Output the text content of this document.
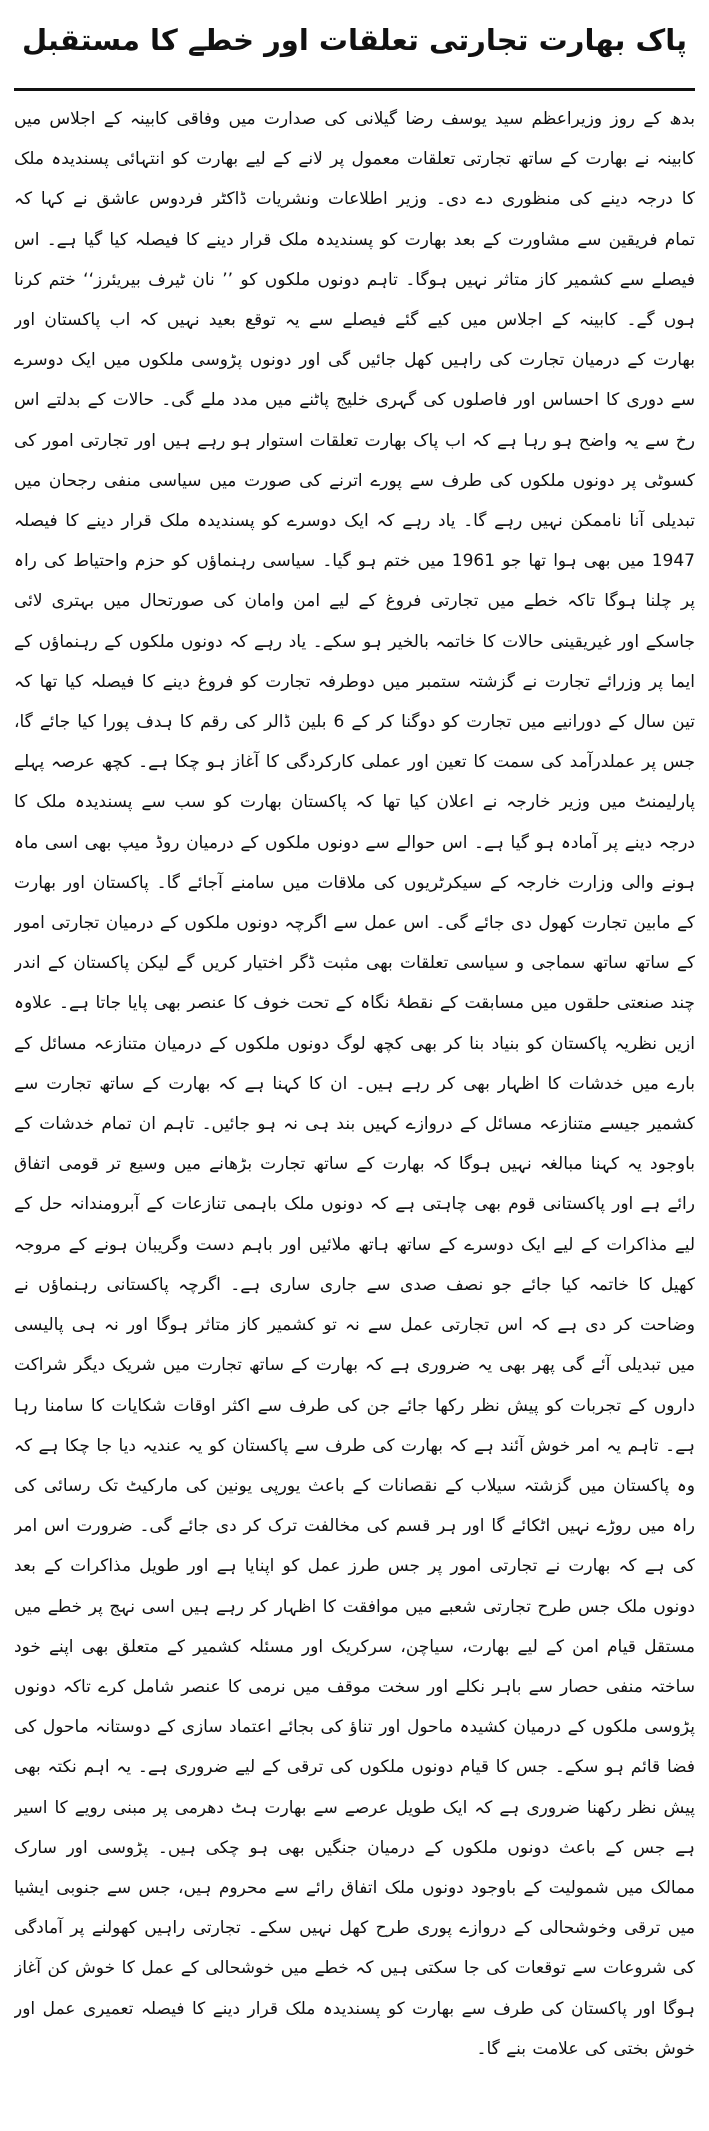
پاک بھارت تجارتی تعلقات اور خطے کا مستقبل

بدھ کے روز وزیراعظم سید یوسف رضا گیلانی کی صدارت میں وفاقی کابینہ کے اجلاس میں کابینہ نے بھارت کے ساتھ تجارتی تعلقات معمول پر لانے کے لیے بھارت کو انتہائی پسندیدہ ملک کا درجہ دینے کی منظوری دے دی۔ وزیر اطلاعات ونشریات ڈاکٹر فردوس عاشق نے کہا کہ تمام فریقین سے مشاورت کے بعد بھارت کو پسندیدہ ملک قرار دینے کا فیصلہ کیا گیا ہے۔ اس فیصلے سے کشمیر کاز متاثر نہیں ہوگا۔ تاہم دونوں ملکوں کو ’’ نان ٹیرف بیریئرز‘‘ ختم کرنا ہوں گے۔ کابینہ کے اجلاس میں کیے گئے فیصلے سے یہ توقع بعید نہیں کہ اب پاکستان اور بھارت کے درمیان تجارت کی راہیں کھل جائیں گی اور دونوں پڑوسی ملکوں میں ایک دوسرے سے دوری کا احساس اور فاصلوں کی گہری خلیج پاٹنے میں مدد ملے گی۔ حالات کے بدلتے اس رخ سے یہ واضح ہو رہا ہے کہ اب پاک بھارت تعلقات استوار ہو رہے ہیں اور تجارتی امور کی کسوٹی پر دونوں ملکوں کی طرف سے پورے اترنے کی صورت میں سیاسی منفی رجحان میں تبدیلی آنا ناممکن نہیں رہے گا۔ یاد رہے کہ ایک دوسرے کو پسندیدہ ملک قرار دینے کا فیصلہ 1947 میں بھی ہوا تھا جو 1961 میں ختم ہو گیا۔ سیاسی رہنماؤں کو حزم واحتیاط کی راہ پر چلنا ہوگا تاکہ خطے میں تجارتی فروغ کے لیے امن وامان کی صورتحال میں بہتری لائی جاسکے اور غیریقینی حالات کا خاتمہ بالخیر ہو سکے۔ یاد رہے کہ دونوں ملکوں کے رہنماؤں کے ایما پر وزرائے تجارت نے گزشتہ ستمبر میں دوطرفہ تجارت کو فروغ دینے کا فیصلہ کیا تھا کہ تین سال کے دورانیے میں تجارت کو دوگنا کر کے 6 بلین ڈالر کی رقم کا ہدف پورا کیا جائے گا، جس پر عملدرآمد کی سمت کا تعین اور عملی کارکردگی کا آغاز ہو چکا ہے۔ کچھ عرصہ پہلے پارلیمنٹ میں وزیر خارجہ نے اعلان کیا تھا کہ پاکستان بھارت کو سب سے پسندیدہ ملک کا درجہ دینے پر آمادہ ہو گیا ہے۔ اس حوالے سے دونوں ملکوں کے درمیان روڈ میپ بھی اسی ماہ ہونے والی وزارت خارجہ کے سیکرٹریوں کی ملاقات میں سامنے آجائے گا۔ پاکستان اور بھارت کے مابین تجارت کھول دی جائے گی۔ اس عمل سے اگرچہ دونوں ملکوں کے درمیان تجارتی امور کے ساتھ ساتھ سماجی و سیاسی تعلقات بھی مثبت ڈگر اختیار کریں گے لیکن پاکستان کے اندر چند صنعتی حلقوں میں مسابقت کے نقطۂ نگاہ کے تحت خوف کا عنصر بھی پایا جاتا ہے۔ علاوہ ازیں نظریہ پاکستان کو بنیاد بنا کر بھی کچھ لوگ دونوں ملکوں کے درمیان متنازعہ مسائل کے بارے میں خدشات کا اظہار بھی کر رہے ہیں۔ ان کا کہنا ہے کہ بھارت کے ساتھ تجارت سے کشمیر جیسے متنازعہ مسائل کے دروازے کہیں بند ہی نہ ہو جائیں۔ تاہم ان تمام خدشات کے باوجود یہ کہنا مبالغہ نہیں ہوگا کہ بھارت کے ساتھ تجارت بڑھانے میں وسیع تر قومی اتفاق رائے ہے اور پاکستانی قوم بھی چاہتی ہے کہ دونوں ملک باہمی تنازعات کے آبرومندانہ حل کے لیے مذاکرات کے لیے ایک دوسرے کے ساتھ ہاتھ ملائیں اور باہم دست وگریبان ہونے کے مروجہ کھیل کا خاتمہ کیا جائے جو نصف صدی سے جاری ساری ہے۔ اگرچہ پاکستانی رہنماؤں نے وضاحت کر دی ہے کہ اس تجارتی عمل سے نہ تو کشمیر کاز متاثر ہوگا اور نہ ہی پالیسی میں تبدیلی آئے گی پھر بھی یہ ضروری ہے کہ بھارت کے ساتھ تجارت میں شریک دیگر شراکت داروں کے تجربات کو پیش نظر رکھا جائے جن کی طرف سے اکثر اوقات شکایات کا سامنا رہا ہے۔ تاہم یہ امر خوش آئند ہے کہ بھارت کی طرف سے پاکستان کو یہ عندیہ دیا جا چکا ہے کہ وہ پاکستان میں گزشتہ سیلاب کے نقصانات کے باعث یورپی یونین کی مارکیٹ تک رسائی کی راہ میں روڑے نہیں اٹکائے گا اور ہر قسم کی مخالفت ترک کر دی جائے گی۔ ضرورت اس امر کی ہے کہ بھارت نے تجارتی امور پر جس طرز عمل کو اپنایا ہے اور طویل مذاکرات کے بعد دونوں ملک جس طرح تجارتی شعبے میں موافقت کا اظہار کر رہے ہیں اسی نہج پر خطے میں مستقل قیام امن کے لیے بھارت، سیاچن، سرکریک اور مسئلہ کشمیر کے متعلق بھی اپنے خود ساختہ منفی حصار سے باہر نکلے اور سخت موقف میں نرمی کا عنصر شامل کرے تاکہ دونوں پڑوسی ملکوں کے درمیان کشیدہ ماحول اور تناؤ کی بجائے اعتماد سازی کے دوستانہ ماحول کی فضا قائم ہو سکے۔ جس کا قیام دونوں ملکوں کی ترقی کے لیے ضروری ہے۔ یہ اہم نکتہ بھی پیش نظر رکھنا ضروری ہے کہ ایک طویل عرصے سے بھارت ہٹ دھرمی پر مبنی رویے کا اسیر ہے جس کے باعث دونوں ملکوں کے درمیان جنگیں بھی ہو چکی ہیں۔ پڑوسی اور سارک ممالک میں شمولیت کے باوجود دونوں ملک اتفاق رائے سے محروم ہیں، جس سے جنوبی ایشیا میں ترقی وخوشحالی کے دروازے پوری طرح کھل نہیں سکے۔ تجارتی راہیں کھولنے پر آمادگی کی شروعات سے توقعات کی جا سکتی ہیں کہ خطے میں خوشحالی کے عمل کا خوش کن آغاز ہوگا اور پاکستان کی طرف سے بھارت کو پسندیدہ ملک قرار دینے کا فیصلہ تعمیری عمل اور خوش بختی کی علامت بنے گا۔
